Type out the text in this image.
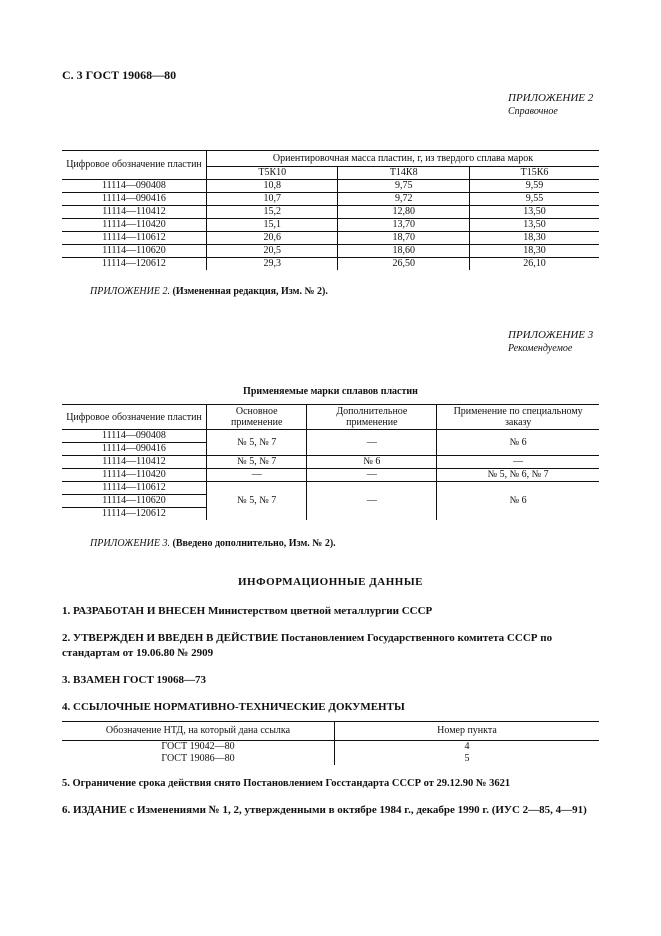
С. 3 ГОСТ 19068—80
ПРИЛОЖЕНИЕ 2
Справочное
Цифровое обозначение пластин	Ориентировочная масса пластин, г, из твердого сплава марок		
	Т5К10	Т14К8	Т15К6
11114—090408	10,8	9,75	9,59
11114—090416	10,7	9,72	9,55
11114—110412	15,2	12,80	13,50
11114—110420	15,1	13,70	13,50
11114—110612	20,6	18,70	18,30
11114—110620	20,5	18,60	18,30
11114—120612	29,3	26,50	26,10
ПРИЛОЖЕНИЕ 2. (Измененная редакция, Изм. № 2).
ПРИЛОЖЕНИЕ 3
Рекомендуемое
Применяемые марки сплавов пластин
Цифровое обозначение пластин	Основное применение	Дополнительное применение	Применение по специальному заказу
11114—090408	№ 5, № 7	—	№ 6
11114—090416			
11114—110412	№ 5, № 7	№ 6	—
11114—110420	—	—	№ 5, № 6, № 7
11114—110612	№ 5, № 7	—	№ 6
11114—110620			
11114—120612			
ПРИЛОЖЕНИЕ 3. (Введено дополнительно, Изм. № 2).
ИНФОРМАЦИОННЫЕ ДАННЫЕ
1. РАЗРАБОТАН И ВНЕСЕН Министерством цветной металлургии СССР
2. УТВЕРЖДЕН И ВВЕДЕН В ДЕЙСТВИЕ Постановлением Государственного комитета СССР по стандартам от 19.06.80 № 2909
3. ВЗАМЕН ГОСТ 19068—73
4. ССЫЛОЧНЫЕ НОРМАТИВНО-ТЕХНИЧЕСКИЕ ДОКУМЕНТЫ
Обозначение НТД, на который дана ссылка	Номер пункта
ГОСТ 19042—80	4
ГОСТ 19086—80	5
5. Ограничение срока действия снято Постановлением Госстандарта СССР от 29.12.90 № 3621
6. ИЗДАНИЕ с Изменениями № 1, 2, утвержденными в октябре 1984 г., декабре 1990 г. (ИУС 2—85, 4—91)
